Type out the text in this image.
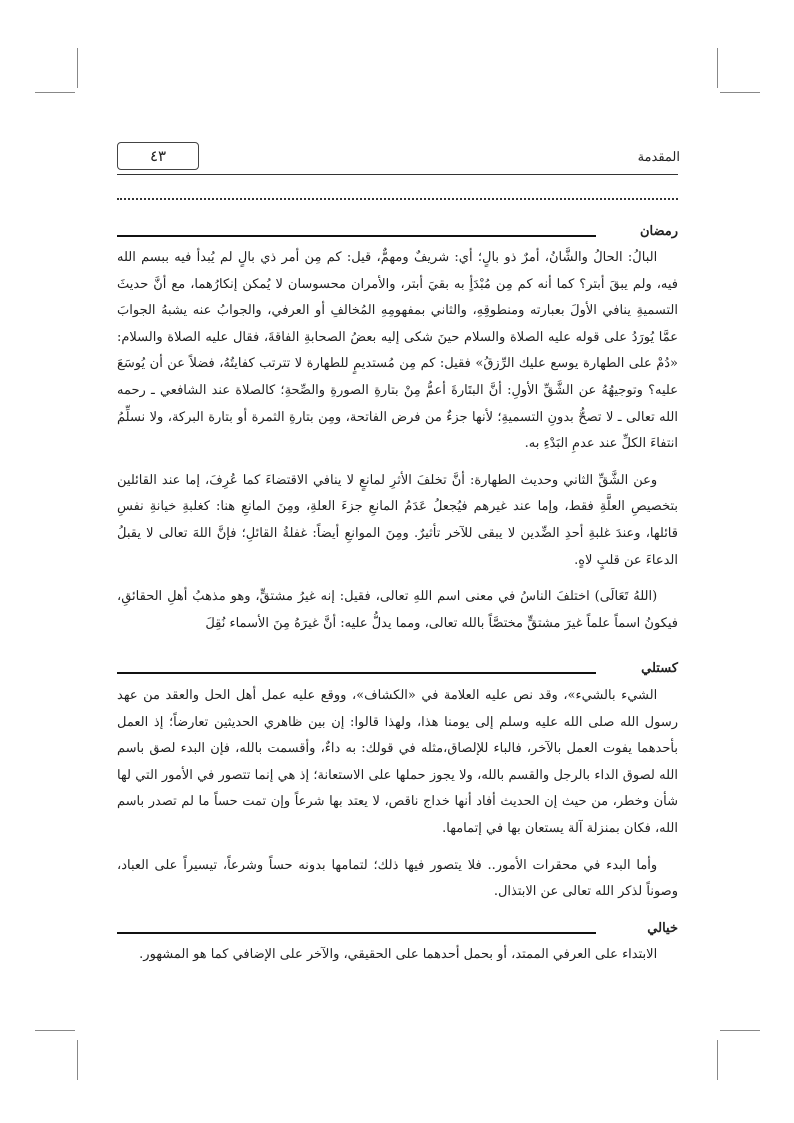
٤٣	المقدمة
رمضان

البالُ: الحالُ والشَّانُ، أمرٌ ذو بالٍ؛ أي: شريفٌ ومهمٌّ، قيل: كم مِن أمر ذي بالٍ لم يُبدأ فيه ببسم الله فيه، ولم يبقَ أبتر؟ كما أنه كم مِن مُبْدَأٍ به بقيَ أبتر، والأمران محسوسان لا يُمكن إنكارُهما، مع أنَّ حديثَ التسميةِ ينافي الأولَ بعبارته ومنطوقِهِ، والثاني بمفهومِهِ المُخالفِ أو العرفي، والجوابُ عنه يشبهُ الجوابَ عمَّا يُورَدُ على قوله عليه الصلاة والسلام حينَ شكى إليه بعضُ الصحابةِ الفاقةَ، فقال عليه الصلاة والسلام: «دُمْ على الطهارة يوسع عليك الرِّزقُ» فقيل: كم مِن مُستديمٍ للطهارة لا تترتب كفايتُهُ، فضلاً عن أن يُوسَعَ عليه؟ وتوجيهُهُ عن الشَّقِّ الأولِ: أنَّ البتَارةَ أعمُّ مِنْ بتارةِ الصورةِ والصِّحةِ؛ كالصلاة عند الشافعي ـ رحمه الله تعالى ـ لا تصحُّ بدونِ التسميةِ؛ لأنها جزءٌ من فرض الفاتحة، ومِن بتارةِ الثمرة أو بتارة البركة، ولا نسلِّمُ انتفاءَ الكلِّ عند عدمِ البَدْءِ به.

وعن الشَّقِّ الثاني وحديث الطهارة: أنَّ تخلفَ الأثرِ لمانعٍ لا ينافي الاقتضاءَ كما عُرِفَ، إما عند القائلين بتخصيصِ العلَّةِ فقط، وإما عند غيرهم فيُجعلُ عَدَمُ المانعِ جزءَ العلةِ، ومِنَ المانعِ هنا: كغلبةِ خيانةِ نفسِ قائلها، وعندَ غلبةِ أحدِ الضِّدين لا يبقى للآخر تأثيرٌ. ومِنَ الموانعِ أيضاً: غفلةُ القائلِ؛ فإنَّ اللهَ تعالى لا يقبلُ الدعاءَ عن قلبٍ لاهٍ.

(اللهُ تَعَالَى) اختلفَ الناسُ في معنى اسم اللهِ تعالى، فقيل: إنه غيرُ مشتقٍّ، وهو مذهبُ أهلِ الحقائقِ، فيكونُ اسماً علماً غيرَ مشتقٍّ مختصَّاً بالله تعالى، ومما يدلُّ عليه: أنَّ غيرَهُ مِنَ الأسماء نُقِلَ

كستلي

الشيء بالشيء»، وقد نص عليه العلامة في «الكشاف»، ووقع عليه عمل أهل الحل والعقد من عهد رسول الله صلى الله عليه وسلم إلى يومنا هذا، ولهذا قالوا: إن بين ظاهري الحديثين تعارضاً؛ إذ العمل بأحدهما يفوت العمل بالآخر، فالباء للإلصاق،مثله في قولك: به داءٌ، وأقسمت بالله، فإن البدء لصق باسم الله لصوق الداء بالرجل والقسم بالله، ولا يجوز حملها على الاستعانة؛ إذ هي إنما تتصور في الأمور التي لها شأن وخطر، من حيث إن الحديث أفاد أنها خداج ناقص، لا يعتد بها شرعاً وإن تمت حساً ما لم تصدر باسم الله، فكان بمنزلة آلة يستعان بها في إتمامها.

وأما البدء في محقرات الأمور.. فلا يتصور فيها ذلك؛ لتمامها بدونه حساً وشرعاً، تيسيراً على العباد، وصوناً لذكر الله تعالى عن الابتذال.

خيالي

الابتداء على العرفي الممتد، أو بحمل أحدهما على الحقيقي، والآخر على الإضافي كما هو المشهور.
